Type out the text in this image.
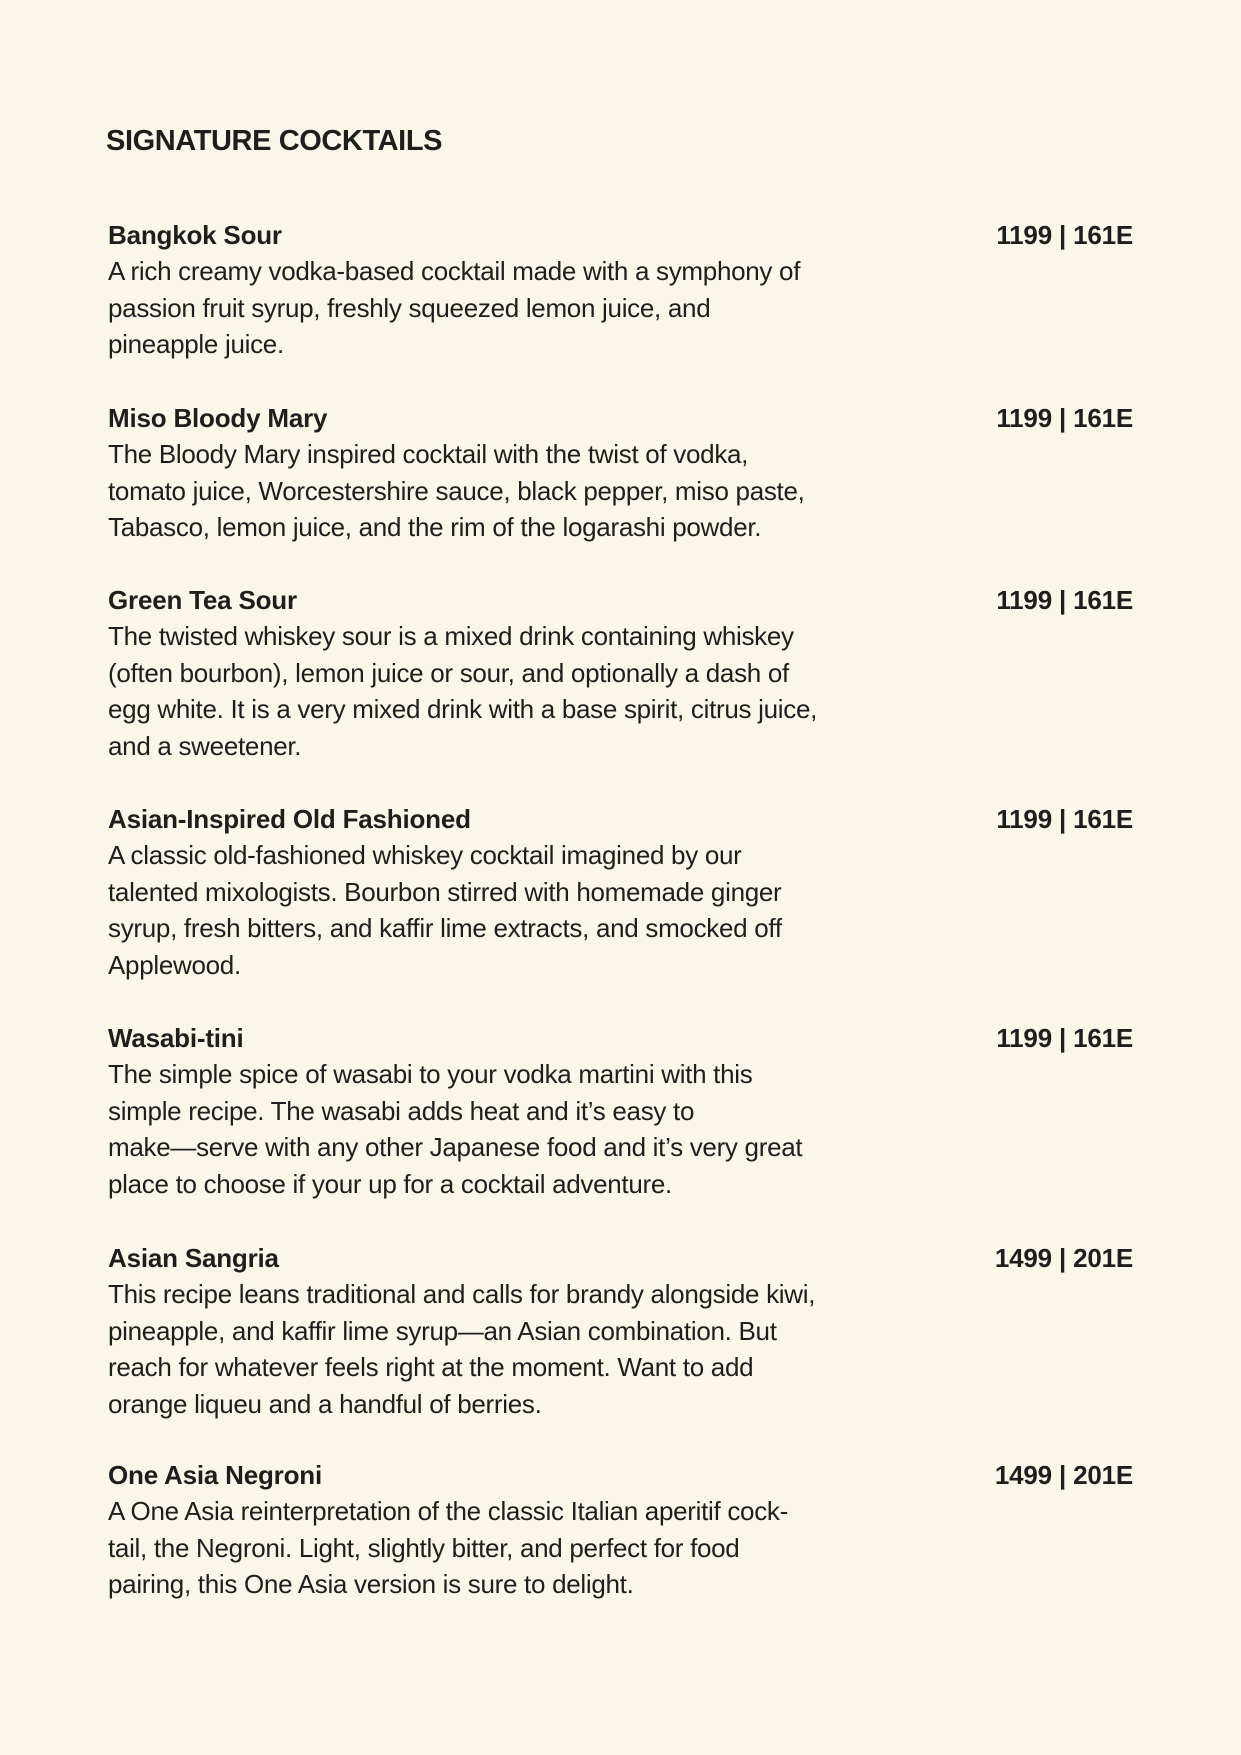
SIGNATURE COCKTAILS
Bangkok Sour	1199 | 161E
A rich creamy vodka-based cocktail made with a symphony of
passion fruit syrup, freshly squeezed lemon juice, and
pineapple juice.
Miso Bloody Mary	1199 | 161E
The Bloody Mary inspired cocktail with the twist of vodka,
tomato juice, Worcestershire sauce, black pepper, miso paste,
Tabasco, lemon juice, and the rim of the logarashi powder.
Green Tea Sour	1199 | 161E
The twisted whiskey sour is a mixed drink containing whiskey
(often bourbon), lemon juice or sour, and optionally a dash of
egg white. It is a very mixed drink with a base spirit, citrus juice,
and a sweetener.
Asian-Inspired Old Fashioned	1199 | 161E
A classic old-fashioned whiskey cocktail imagined by our
talented mixologists. Bourbon stirred with homemade ginger
syrup, fresh bitters, and kaffir lime extracts, and smocked off
Applewood.
Wasabi-tini	1199 | 161E
The simple spice of wasabi to your vodka martini with this
simple recipe. The wasabi adds heat and it’s easy to
make—serve with any other Japanese food and it’s very great
place to choose if your up for a cocktail adventure.
Asian Sangria	1499 | 201E
This recipe leans traditional and calls for brandy alongside kiwi,
pineapple, and kaffir lime syrup—an Asian combination. But
reach for whatever feels right at the moment. Want to add
orange liqueu and a handful of berries.
One Asia Negroni	1499 | 201E
A One Asia reinterpretation of the classic Italian aperitif cock-
tail, the Negroni. Light, slightly bitter, and perfect for food
pairing, this One Asia version is sure to delight.
